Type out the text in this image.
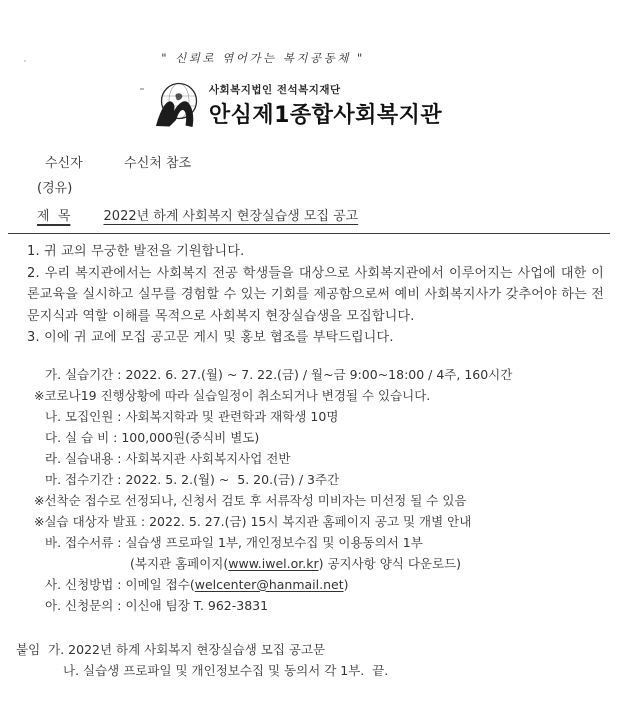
" 신뢰로 엮어가는 복지공동체 "
사회복지법인 전석복지재단
안심제1종합사회복지관
수신자	수신처 참조
(경유)
제  목	2022년 하계 사회복지 현장실습생 모집 공고
1. 귀 교의 무궁한 발전을 기원합니다.
2. 우리 복지관에서는 사회복지 전공 학생들을 대상으로 사회복지관에서 이루어지는 사업에 대한 이론교육을 실시하고 실무를 경험할 수 있는 기회를 제공함으로써 예비 사회복지사가 갖추어야 하는 전문지식과 역할 이해를 목적으로 사회복지 현장실습생을 모집합니다.
3. 이에 귀 교에 모집 공고문 게시 및 홍보 협조를 부탁드립니다.
가. 실습기간 : 2022. 6. 27.(월) ~ 7. 22.(금) / 월~금 9:00~18:00 / 4주, 160시간
※코로나19 진행상황에 따라 실습일정이 취소되거나 변경될 수 있습니다.
나. 모집인원 : 사회복지학과 및 관련학과 재학생 10명
다. 실 습 비 : 100,000원(중식비 별도)
라. 실습내용 : 사회복지관 사회복지사업 전반
마. 접수기간 : 2022. 5. 2.(월) ~  5. 20.(금) / 3주간
※선착순 접수로 선정되나, 신청서 검토 후 서류작성 미비자는 미선정 될 수 있음
※실습 대상자 발표 : 2022. 5. 27.(금) 15시 복지관 홈페이지 공고 및 개별 안내
바. 접수서류 : 실습생 프로파일 1부, 개인정보수집 및 이용동의서 1부
(복지관 홈페이지(www.iwel.or.kr) 공지사항 양식 다운로드)
사. 신청방법 : 이메일 접수(welcenter@hanmail.net)
아. 신청문의 : 이신애 팀장 T. 962-3831
붙임 가. 2022년 하계 사회복지 현장실습생 모집 공고문
나. 실습생 프로파일 및 개인정보수집 및 동의서 각 1부.  끝.
